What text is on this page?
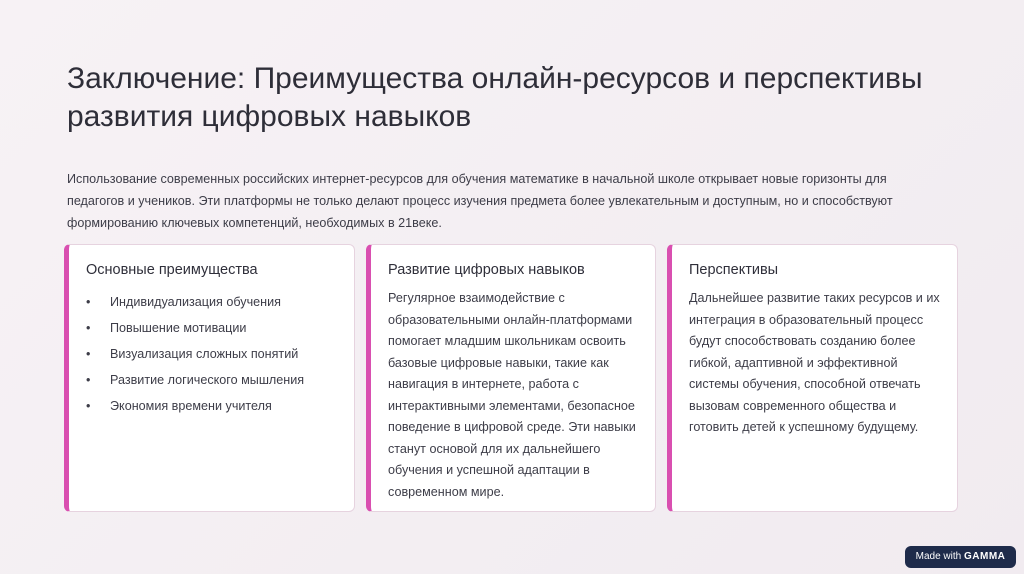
Заключение: Преимущества онлайн-ресурсов и перспективы развития цифровых навыков

Использование современных российских интернет-ресурсов для обучения математике в начальной школе открывает новые горизонты для педагогов и учеников. Эти платформы не только делают процесс изучения предмета более увлекательным и доступным, но и способствуют формированию ключевых компетенций, необходимых в 21веке.

Основные преимущества
• Индивидуализация обучения
• Повышение мотивации
• Визуализация сложных понятий
• Развитие логического мышления
• Экономия времени учителя
Развитие цифровых навыков
Регулярное взаимодействие с образовательными онлайн-платформами помогает младшим школьникам освоить базовые цифровые навыки, такие как навигация в интернете, работа с интерактивными элементами, безопасное поведение в цифровой среде. Эти навыки станут основой для их дальнейшего обучения и успешной адаптации в современном мире.
Перспективы
Дальнейшее развитие таких ресурсов и их интеграция в образовательный процесс будут способствовать созданию более гибкой, адаптивной и эффективной системы обучения, способной отвечать вызовам современного общества и готовить детей к успешному будущему.
Made with GAMMA
